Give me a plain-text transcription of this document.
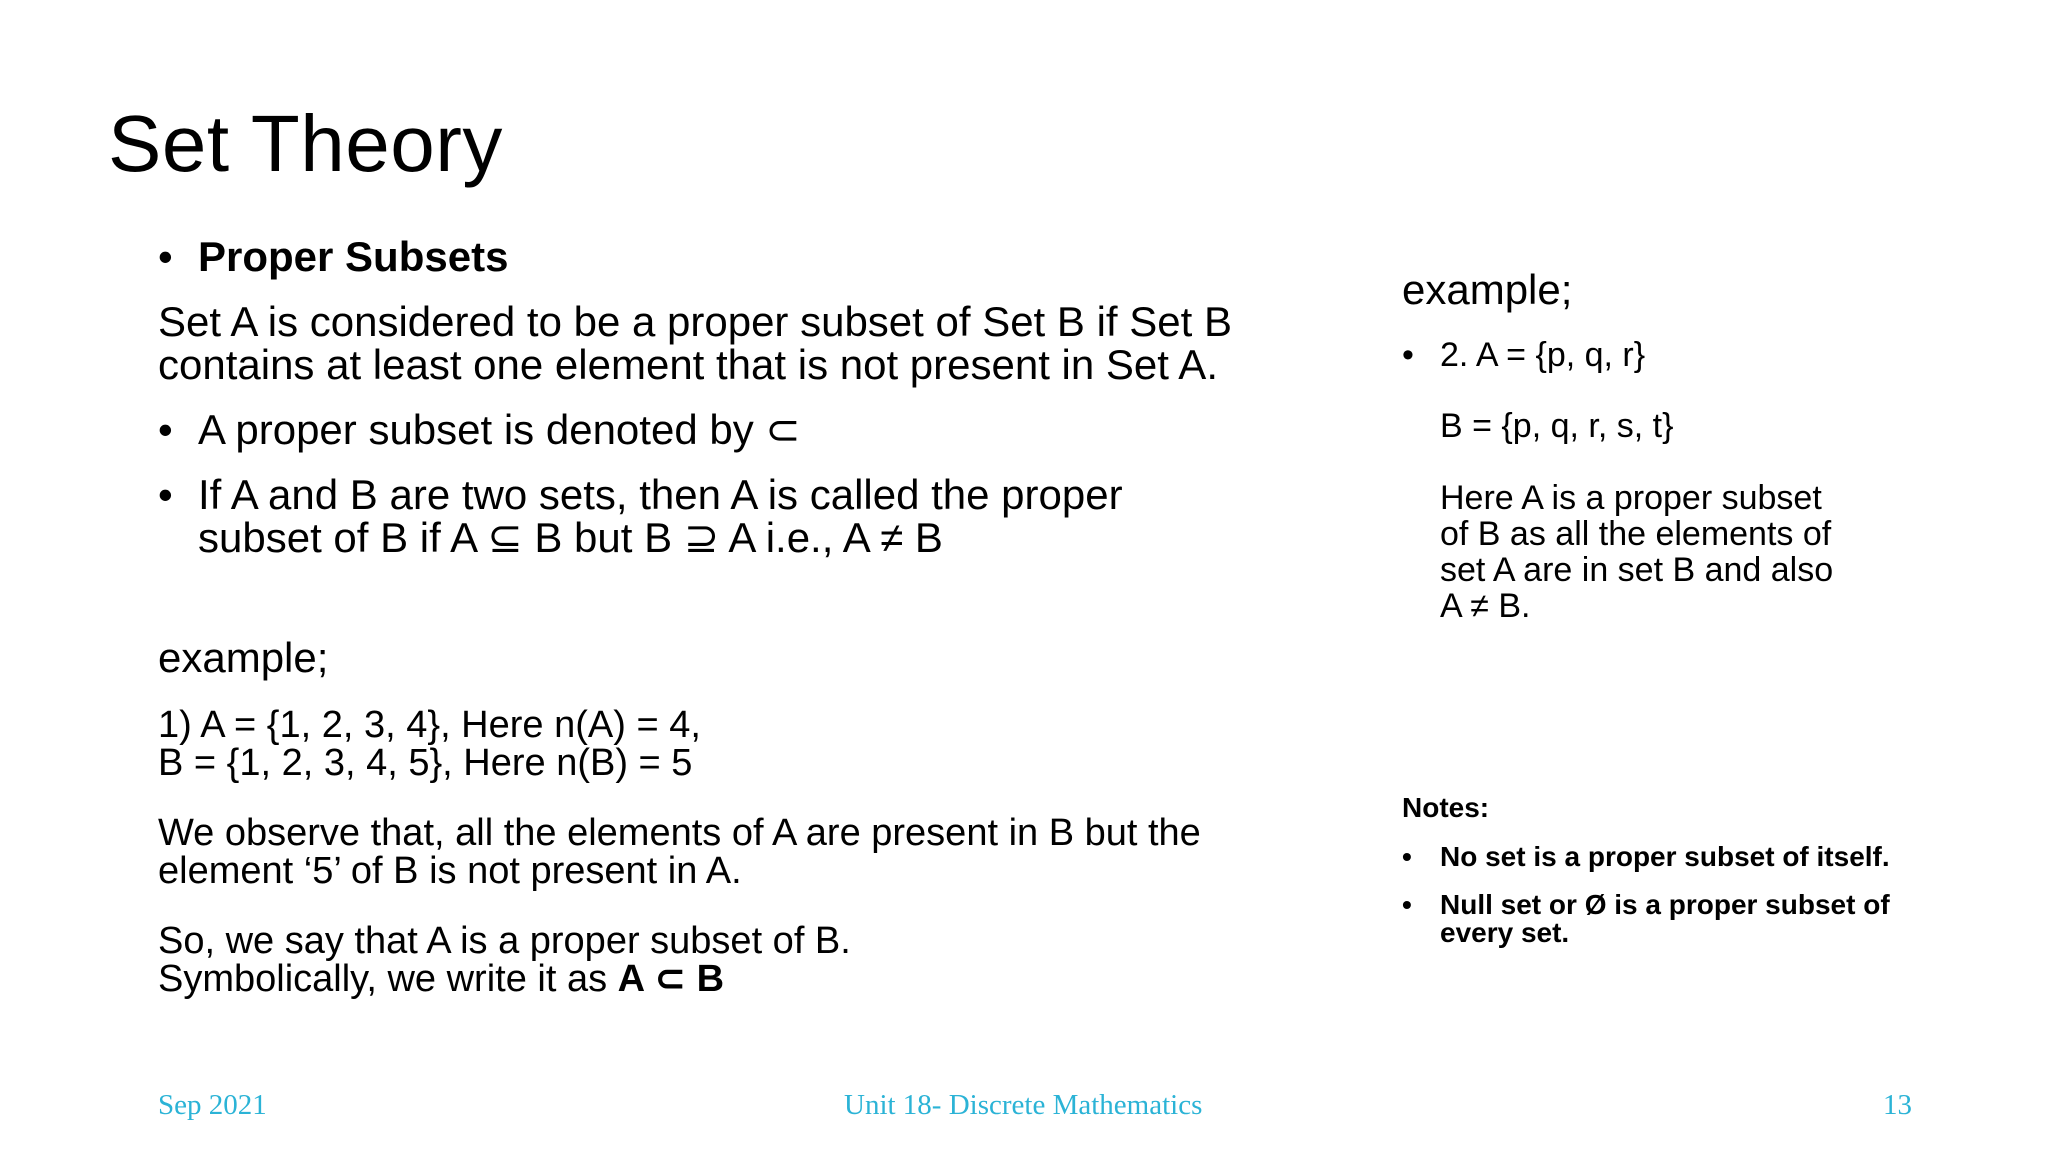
Set Theory
• Proper Subsets
Set A is considered to be a proper subset of Set B if Set B
contains at least one element that is not present in Set A.
• A proper subset is denoted by ⊂
• If A and B are two sets, then A is called the proper
subset of B if A ⊆ B but B ⊇ A i.e., A ≠ B
example;
1) A = {1, 2, 3, 4}, Here n(A) = 4,
B = {1, 2, 3, 4, 5}, Here n(B) = 5
We observe that, all the elements of A are present in B but the
element ‘5’ of B is not present in A.
So, we say that A is a proper subset of B.
Symbolically, we write it as A ⊂ B
example;
• 2. A = {p, q, r}
B = {p, q, r, s, t}
Here A is a proper subset
of B as all the elements of
set A are in set B and also
A ≠ B.
Notes:
•	No set is a proper subset of itself.
•	Null set or Ø is a proper subset of
every set.
Sep 2021	Unit 18- Discrete Mathematics	13
